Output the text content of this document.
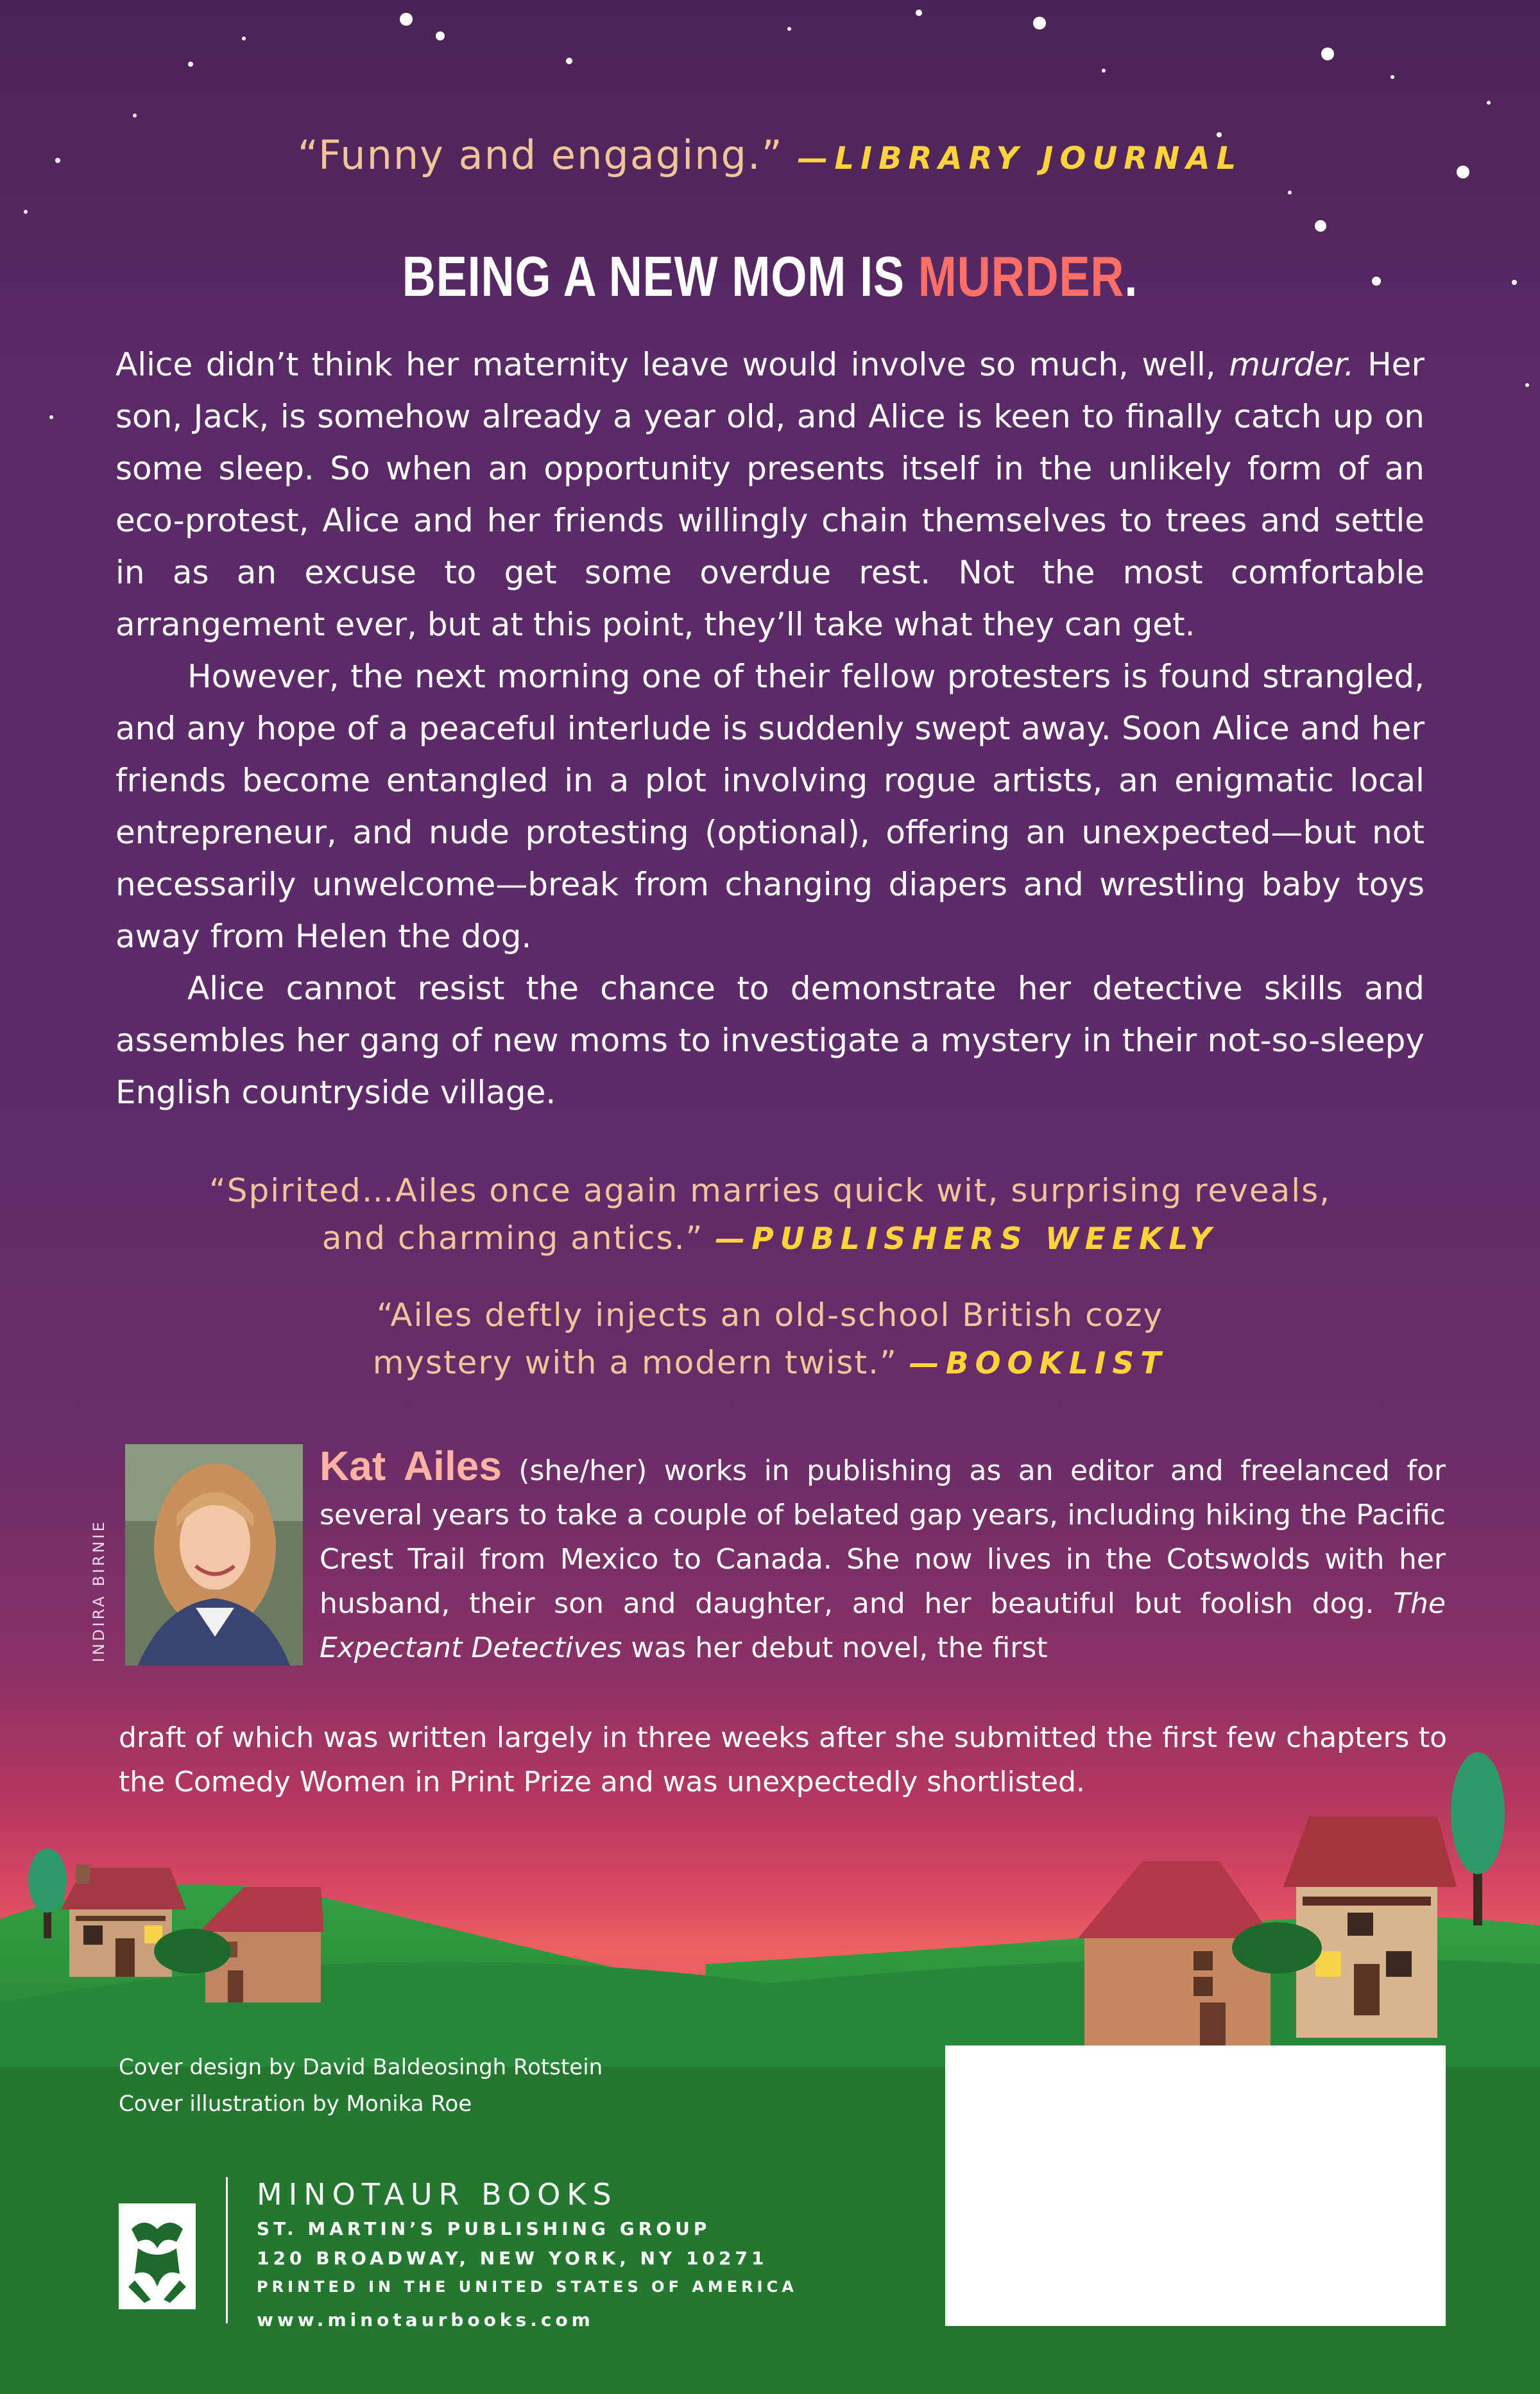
“Funny and engaging.” —LIBRARY JOURNAL
BEING A NEW MOM IS MURDER.

Alice didn’t think her maternity leave would involve so much, well, murder. Her son, Jack, is somehow already a year old, and Alice is keen to finally catch up on some sleep. So when an opportunity presents itself in the unlikely form of an eco-protest, Alice and her friends willingly chain themselves to trees and settle in as an excuse to get some overdue rest. Not the most comfortable arrangement ever, but at this point, they’ll take what they can get.

However, the next morning one of their fellow protesters is found strangled, and any hope of a peaceful interlude is suddenly swept away. Soon Alice and her friends become entangled in a plot involving rogue artists, an enigmatic local entrepreneur, and nude protesting (optional), offering an unexpected—but not necessarily unwelcome—break from changing diapers and wrestling baby toys away from Helen the dog.

Alice cannot resist the chance to demonstrate her detective skills and assembles her gang of new moms to investigate a mystery in their not-so-sleepy English countryside village.

“Spirited…Ailes once again marries quick wit, surprising reveals,
and charming antics.” —PUBLISHERS WEEKLY
“Ailes deftly injects an old-school British cozy
mystery with a modern twist.” —BOOKLIST
INDIRA BIRNIE
Kat Ailes (she/her) works in publishing as an editor and freelanced for several years to take a couple of belated gap years, including hiking the Pacific Crest Trail from Mexico to Canada. She now lives in the Cotswolds with her husband, their son and daughter, and her beautiful but foolish dog. The Expectant Detectives was her debut novel, the first
draft of which was written largely in three weeks after she submitted the first few chapters to the Comedy Women in Print Prize and was unexpectedly shortlisted.
Cover design by David Baldeosingh Rotstein
Cover illustration by Monika Roe
MINOTAUR BOOKS
ST. MARTIN’S PUBLISHING GROUP
120 BROADWAY, NEW YORK, NY 10271
PRINTED IN THE UNITED STATES OF AMERICA
www.minotaurbooks.com
